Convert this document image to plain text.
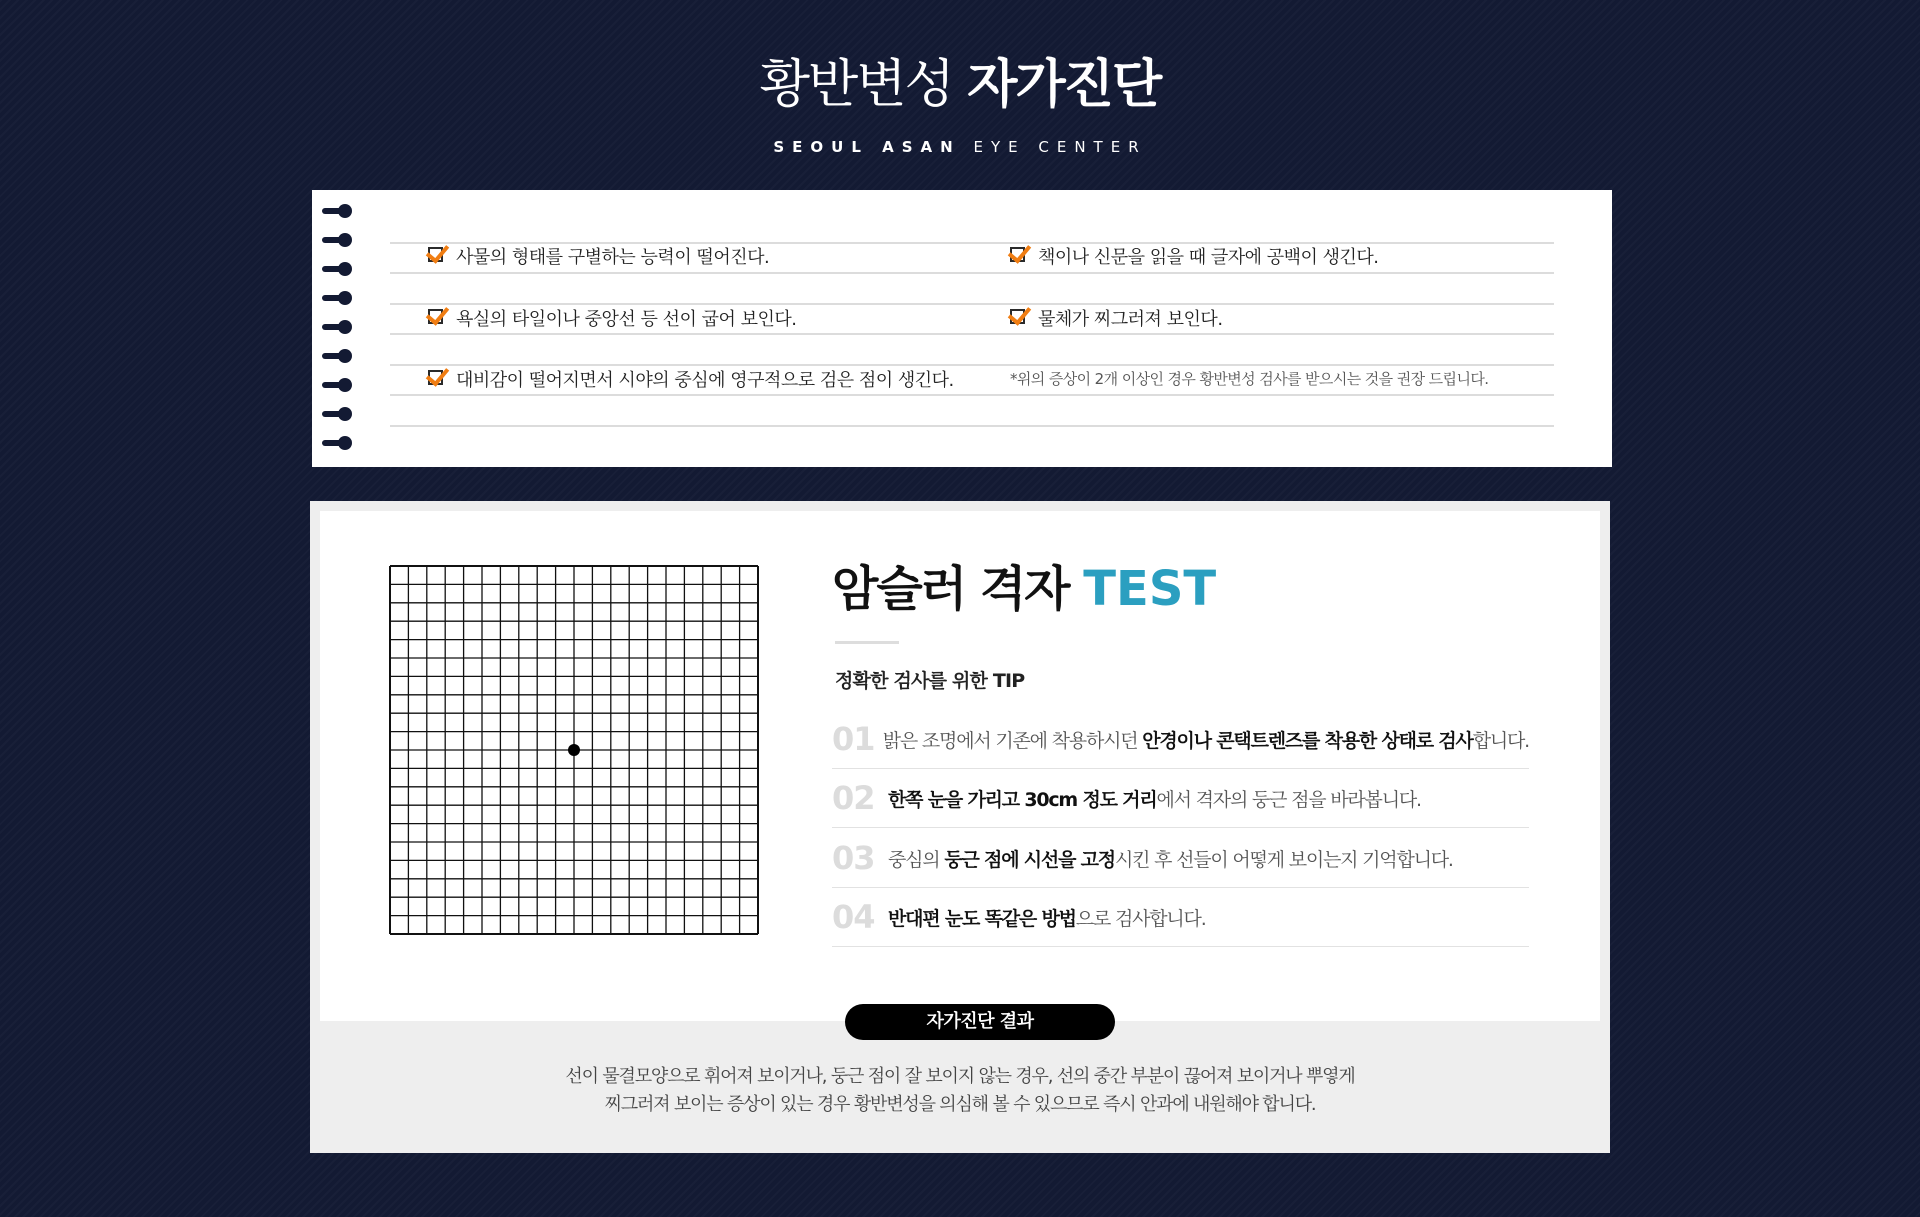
황반변성 자가진단
SEOUL ASAN EYE CENTER
사물의 형태를 구별하는 능력이 떨어진다.	책이나 신문을 읽을 때 글자에 공백이 생긴다.
욕실의 타일이나 중앙선 등 선이 굽어 보인다.	물체가 찌그러져 보인다.
대비감이 떨어지면서 시야의 중심에 영구적으로 검은 점이 생긴다.	*위의 증상이 2개 이상인 경우 황반변성 검사를 받으시는 것을 권장 드립니다.
암슬러 격자 TEST
정확한 검사를 위한 TIP
01 밝은 조명에서 기존에 착용하시던 안경이나 콘택트렌즈를 착용한 상태로 검사합니다.
02 한쪽 눈을 가리고 30cm 정도 거리에서 격자의 둥근 점을 바라봅니다.
03 중심의 둥근 점에 시선을 고정시킨 후 선들이 어떻게 보이는지 기억합니다.
04 반대편 눈도 똑같은 방법으로 검사합니다.
자가진단 결과
선이 물결모양으로 휘어져 보이거나, 둥근 점이 잘 보이지 않는 경우, 선의 중간 부분이 끊어져 보이거나 뿌옇게
찌그러져 보이는 증상이 있는 경우 황반변성을 의심해 볼 수 있으므로 즉시 안과에 내원해야 합니다.
